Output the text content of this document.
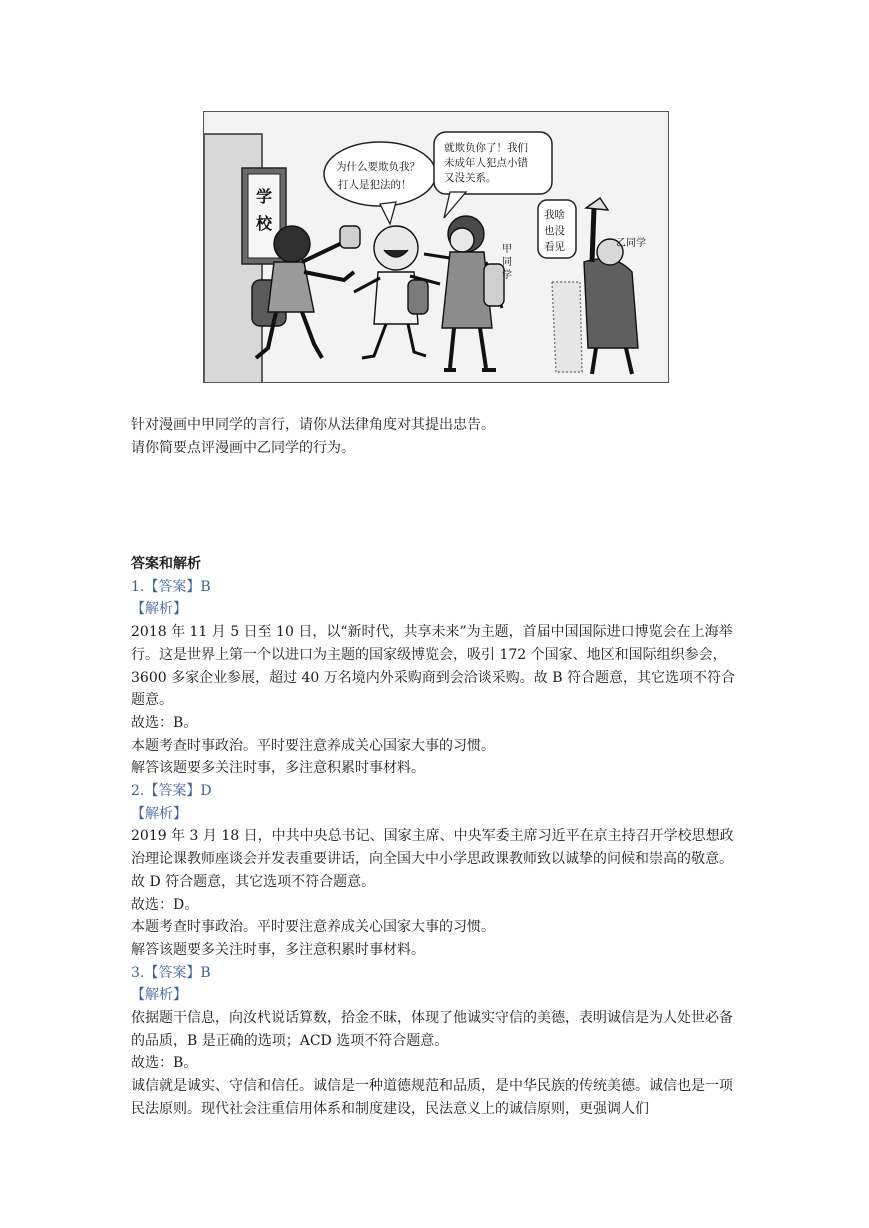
学
校
为什么要欺负我？
打人是犯法的！
就欺负你了！我们
未成年人犯点小错
又没关系。
我啥
也没
看见
甲
同
学
乙同学
针对漫画中甲同学的言行，请你从法律角度对其提出忠告。
请你简要点评漫画中乙同学的行为。

答案和解析

1.【答案】B

【解析】

2018 年 11 月 5 日至 10 日，以“新时代，共享未来”为主题，首届中国国际进口博览会在上海举行。这是世界上第一个以进口为主题的国家级博览会，吸引 172 个国家、地区和国际组织参会，3600 多家企业参展，超过 40 万名境内外采购商到会洽谈采购。故 B 符合题意，其它选项不符合题意。

故选：B。

本题考查时事政治。平时要注意养成关心国家大事的习惯。

解答该题要多关注时事，多注意积累时事材料。

2.【答案】D

【解析】

2019 年 3 月 18 日，中共中央总书记、国家主席、中央军委主席习近平在京主持召开学校思想政治理论课教师座谈会并发表重要讲话，向全国大中小学思政课教师致以诚挚的问候和崇高的敬意。故 D 符合题意，其它选项不符合题意。

故选：D。

本题考查时事政治。平时要注意养成关心国家大事的习惯。

解答该题要多关注时事，多注意积累时事材料。

3.【答案】B

【解析】

依据题干信息，向汝杙说话算数，拾金不昧，体现了他诚实守信的美德，表明诚信是为人处世必备的品质，B 是正确的选项；ACD 选项不符合题意。

故选：B。

诚信就是诚实、守信和信任。诚信是一种道德规范和品质，是中华民族的传统美德。诚信也是一项民法原则。现代社会注重信用体系和制度建设，民法意义上的诚信原则，更强调人们
